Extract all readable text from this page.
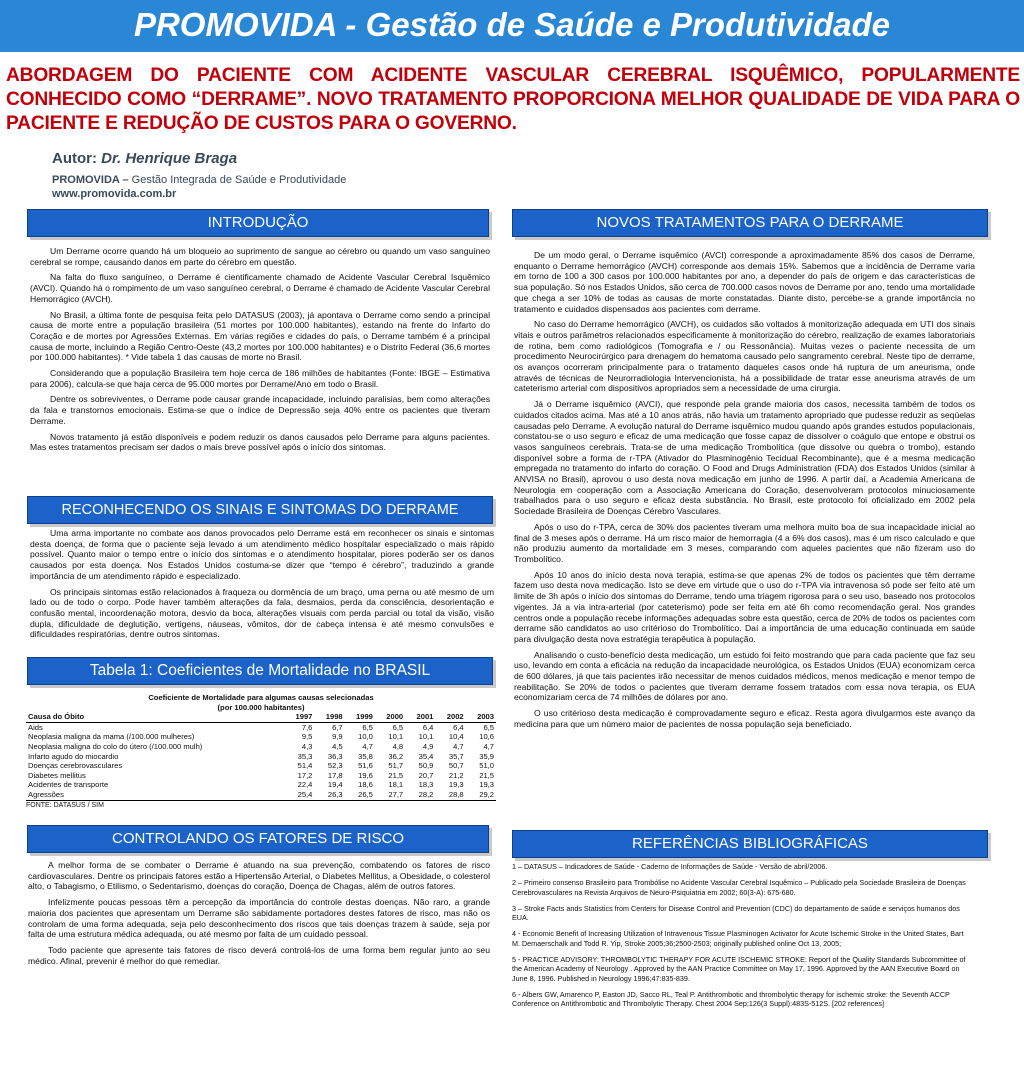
PROMOVIDA - Gestão de Saúde e Produtividade
ABORDAGEM DO PACIENTE COM ACIDENTE VASCULAR CEREBRAL ISQUÊMICO, POPULARMENTE CONHECIDO COMO “DERRAME”. NOVO TRATAMENTO PROPORCIONA MELHOR QUALIDADE DE VIDA PARA O PACIENTE E REDUÇÃO DE CUSTOS PARA O GOVERNO.
Autor: Dr. Henrique Braga
PROMOVIDA – Gestão Integrada de Saúde e Produtividade
www.promovida.com.br
INTRODUÇÃO

Um Derrame ocorre quando há um bloqueio ao suprimento de sangue ao cérebro ou quando um vaso sanguíneo cerebral se rompe, causando danos em parte do cérebro em questão.

Na falta do fluxo sanguíneo, o Derrame é cientificamente chamado de Acidente Vascular Cerebral Isquêmico (AVCI). Quando há o rompimento de um vaso sanguíneo cerebral, o Derrame é chamado de Acidente Vascular Cerebral Hemorrágico (AVCH).

No Brasil, a última fonte de pesquisa feita pelo DATASUS (2003), já apontava o Derrame como sendo a principal causa de morte entre a população brasileira (51 mortes por 100.000 habitantes), estando na frente do Infarto do Coração e de mortes por Agressões Externas. Em várias regiões e cidades do país, o Derrame também é a principal causa de morte, incluindo a Região Centro-Oeste (43,2 mortes por 100.000 habitantes) e o Distrito Federal (36,6 mortes por 100.000 habitantes). * Vide tabela 1 das causas de morte no Brasil.

Considerando que a população Brasileira tem hoje cerca de 186 milhões de habitantes (Fonte: IBGE – Estimativa para 2006), calcula-se que haja cerca de 95.000 mortes por Derrame/Ano em todo o Brasil.

Dentre os sobreviventes, o Derrame pode causar grande incapacidade, incluindo paralisias, bem como alterações da fala e transtornos emocionais. Estima-se que o índice de Depressão seja 40% entre os pacientes que tiveram Derrame.

Novos tratamento já estão disponíveis e podem reduzir os danos causados pelo Derrame para alguns pacientes. Mas estes tratamentos precisam ser dados o mais breve possível após o início dos sintomas.

RECONHECENDO OS SINAIS E SINTOMAS DO DERRAME

Uma arma importante no combate aos danos provocados pelo Derrame está em reconhecer os sinais e sintomas desta doença, de forma que o paciente seja levado a um atendimento médico hospitalar especializado o mais rápido possível. Quanto maior o tempo entre o início dos sintomas e o atendimento hospitalar, piores poderão ser os danos causados por esta doença. Nos Estados Unidos costuma-se dizer que “tempo é cérebro”, traduzindo a grande importância de um atendimento rápido e especializado.

Os principais sintomas estão relacionados à fraqueza ou dormência de um braço, uma perna ou até mesmo de um lado ou de todo o corpo. Pode haver também alterações da fala, desmaios, perda da consciência, desorientação e confusão mental, incoordenação motora, desvio da boca, alterações visuais com perda parcial ou total da visão, visão dupla, dificuldade de deglutição, vertigens, náuseas, vômitos, dor de cabeça intensa e até mesmo convulsões e dificuldades respiratórias, dentre outros sintomas.

Tabela 1: Coeficientes de Mortalidade no BRASIL
Coeficiente de Mortalidade para algumas causas selecionadas
(por 100.000 habitantes)
Causa do Óbito	1997	1998	1999	2000	2001	2002	2003
Aids	7,6	6,7	6,5	6,5	6,4	6,4	6,5
Neoplasia maligna da mama (/100.000 mulheres)	9,5	9,9	10,0	10,1	10,1	10,4	10,6
Neoplasia maligna do colo do útero (/100.000 mulh)	4,3	4,5	4,7	4,8	4,9	4,7	4,7
Infarto agudo do miocardio	35,3	36,3	35,8	36,2	35,4	35,7	35,9
Doenças cerebrovasculares	51,4	52,3	51,6	51,7	50,9	50,7	51,0
Diabetes mellitus	17,2	17,8	19,6	21,5	20,7	21,2	21,5
Acidentes de transporte	22,4	19,4	18,6	18,1	18,3	19,3	19,3
Agressões	25,4	26,3	26,5	27,7	28,2	28,8	29,2
FONTE: DATASUS / SIM
CONTROLANDO OS FATORES DE RISCO

A melhor forma de se combater o Derrame é atuando na sua prevenção, combatendo os fatores de risco cardiovasculares. Dentre os principais fatores estão a Hipertensão Arterial, o Diabetes Mellitus, a Obesidade, o colesterol alto, o Tabagismo, o Etilismo, o Sedentarismo, doenças do coração, Doença de Chagas, além de outros fatores.

Infelizmente poucas pessoas têm a percepção da importância do controle destas doenças. Não raro, a grande maioria dos pacientes que apresentam um Derrame são sabidamente portadores destes fatores de risco, mas não os controlam de uma forma adequada, seja pelo desconhecimento dos riscos que tais doenças trazem à saúde, seja por falta de uma estrutura médica adequada, ou até mesmo por falta de um cuidado pessoal.

Todo paciente que apresente tais fatores de risco deverá controlá-los de uma forma bem regular junto ao seu médico. Afinal, prevenir é melhor do que remediar.

NOVOS TRATAMENTOS PARA O DERRAME

De um modo geral, o Derrame isquêmico (AVCI) corresponde a aproximadamente 85% dos casos de Derrame, enquanto o Derrame hemorrágico (AVCH) corresponde aos demais 15%. Sabemos que a incidência de Derrame varia em torno de 100 a 300 casos por 100.000 habitantes por ano, a depender do país de origem e das características de sua população. Só nos Estados Unidos, são cerca de 700.000 casos novos de Derrame por ano, tendo uma mortalidade que chega a ser 10% de todas as causas de morte constatadas. Diante disto, percebe-se a grande importância no tratamento e cuidados dispensados aos pacientes com derrame.

No caso do Derrame hemorrágico (AVCH), os cuidados são voltados à monitorização adequada em UTI dos sinais vitais e outros parâmetros relacionados especificamente à monitorização do cérebro, realização de exames laboratoriais de rotina, bem como radiológicos (Tomografia e / ou Ressonância). Muitas vezes o paciente necessita de um procedimento Neurocirúrgico para drenagem do hematoma causado pelo sangramento cerebral. Neste tipo de derrame, os avanços ocorreram principalmente para o tratamento daqueles casos onde há ruptura de um aneurisma, onde através de técnicas de Neurorradiologia Intervencionista, há a possibilidade de tratar esse aneurisma através de um cateterismo arterial com dispositivos apropriados sem a necessidade de uma cirurgia.

Já o Derrame isquêmico (AVCI), que responde pela grande maioria dos casos, necessita também de todos os cuidados citados acima. Mas até a 10 anos atrás, não havia um tratamento apropriado que pudesse reduzir as seqüelas causadas pelo Derrame. A evolução natural do Derrame isquêmico mudou quando após grandes estudos populacionais, constatou-se o uso seguro e eficaz de uma medicação que fosse capaz de dissolver o coágulo que entope e obstrui os vasos sanguíneos cerebrais. Trata-se de uma medicação Trombolítica (que dissolve ou quebra o trombo), estando disponível sobre a forma de r-TPA (Ativador do Plasminogênio Tecidual Recombinante), que é a mesma medicação empregada no tratamento do infarto do coração. O Food and Drugs Administration (FDA) dos Estados Unidos (similar à ANVISA no Brasil), aprovou o uso desta nova medicação em junho de 1996. A partir daí, a Academia Americana de Neurologia em cooperação com a Associação Americana do Coração, desenvolveram protocolos minuciosamente trabalhados para o uso seguro e eficaz desta substância. No Brasil, este protocolo foi oficializado em 2002 pela Sociedade Brasileira de Doenças Cérebro Vasculares.

Após o uso do r-TPA, cerca de 30% dos pacientes tiveram uma melhora muito boa de sua incapacidade inicial ao final de 3 meses após o derrame. Há um risco maior de hemorragia (4 a 6% dos casos), mas é um risco calculado e que não produziu aumento da mortalidade em 3 meses, comparando com aqueles pacientes que não fizeram uso do Trombolítico.

Após 10 anos do início desta nova terapia, estima-se que apenas 2% de todos os pacientes que têm derrame fazem uso desta nova medicação. Isto se deve em virtude que o uso do r-TPA via intravenosa só pode ser feito até um limite de 3h após o início dos sintomas do Derrame, tendo uma triagem rigorosa para o seu uso, baseado nos protocolos vigentes. Já a via intra-arterial (por cateterismo) pode ser feita em até 6h como recomendação geral. Nos grandes centros onde a população recebe informações adequadas sobre esta questão, cerca de 20% de todos os pacientes com derrame são candidatos ao uso critérioso do Trombolítico. Daí a importância de uma educação continuada em saúde para divulgação desta nova estratégia terapêutica à população.

Analisando o custo-benefício desta medicação, um estudo foi feito mostrando que para cada paciente que faz seu uso, levando em conta a eficácia na redução da incapacidade neurológica, os Estados Unidos (EUA) economizam cerca de 600 dólares, já que tais pacientes irão necessitar de menos cuidados médicos, menos medicação e menor tempo de reabilitação. Se 20% de todos o pacientes que tiveram derrame fossem tratados com essa nova terapia, os EUA economizariam cerca de 74 milhões de dólares por ano.

O uso critérioso desta medicação é comprovadamente seguro e eficaz. Resta agora divulgarmos este avanço da medicina para que um número maior de pacientes de nossa população seja beneficiado.

REFERÊNCIAS BIBLIOGRÁFICAS

1 – DATASUS – Indicadores de Saúde - Caderno de Informações de Saúde - Versão de abril/2006.

2 – Primeiro consenso Brasileiro para Trombólise no Acidente Vascular Cerebral Isquêmico – Publicado pela Sociedade Brasileira de Doenças Cerebrovasculares na Revista Arquivos de Neuro-Psiquiatria em 2002; 60(3-A): 675-680.

3 – Stroke Facts ands Statistics from Centers for Disease Control and Prevention (CDC) do departamento de saúde e serviços humanos dos EUA.

4 - Economic Benefit of Increasing Utilization of Intravenous Tissue Plasminogen Activator for Acute Ischemic Stroke in the United States, Bart M. Demaerschalk and Todd R. Yip, Stroke 2005;36;2500-2503; originally published online Oct 13, 2005;

5 - PRACTICE ADVISORY: THROMBOLYTIC THERAPY FOR ACUTE ISCHEMIC STROKE: Report of the Quality Standards Subcommittee of the American Academy of Neurology . Approved by the AAN Practice Committee on May 17, 1996. Approved by the AAN Executive Board on June 8, 1996. Published in Neurology 1996;47:835-839.

6 - Albers GW, Amarenco P, Easton JD, Sacco RL, Teal P. Antithrombotic and thrombolytic therapy for ischemic stroke: the Seventh ACCP Conference on Antithrombotic and Thrombolytic Therapy. Chest 2004 Sep;126(3 Suppl):483S-512S. [202 references]
